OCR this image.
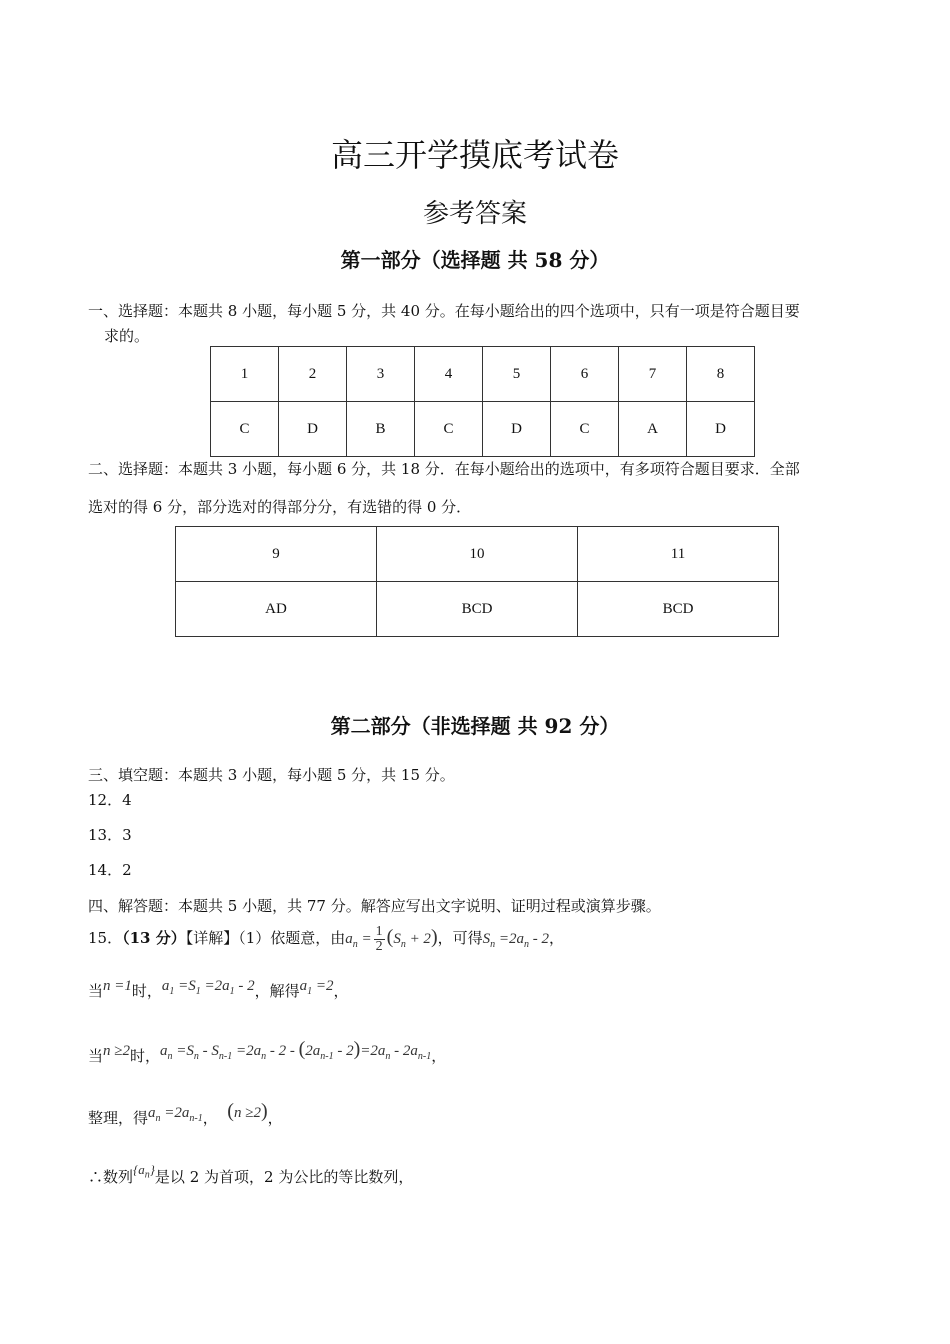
高三开学摸底考试卷
参考答案
第一部分（选择题 共 58 分）
一、选择题：本题共 8 小题，每小题 5 分，共 40 分。在每小题给出的四个选项中，只有一项是符合题目要
求的。
1	2	3	4	5	6	7	8
C	D	B	C	D	C	A	D
二、选择题：本题共 3 小题，每小题 6 分，共 18 分．在每小题给出的选项中，有多项符合题目要求．全部
选对的得 6 分，部分选对的得部分分，有选错的得 0 分．
9	10	11
AD	BCD	BCD
第二部分（非选择题 共 92 分）
三、填空题：本题共 3 小题，每小题 5 分，共 15 分。
12．4
13．3
14．2
四、解答题：本题共 5 小题，共 77 分。解答应写出文字说明、证明过程或演算步骤。
15．（13 分）【详解】（1）依题意，由$a_n = \frac{1}{2} (S_n + 2)$，可得$S_n =2a_n - 2$，
当n =1时，$a_1 =S_1 =2a_1 - 2$，解得$a_1 =2$，
当n ≥2时，$a_n =S_n - S_{n-1} =2a_n - 2 - (2a_{n-1} - 2)=2a_n - 2a_{n-1}$，
整理，得$a_n =2a_{n-1}$， (n ≥2)，
∴数列$\{a_n\}$是以 2 为首项，2 为公比的等比数列，
